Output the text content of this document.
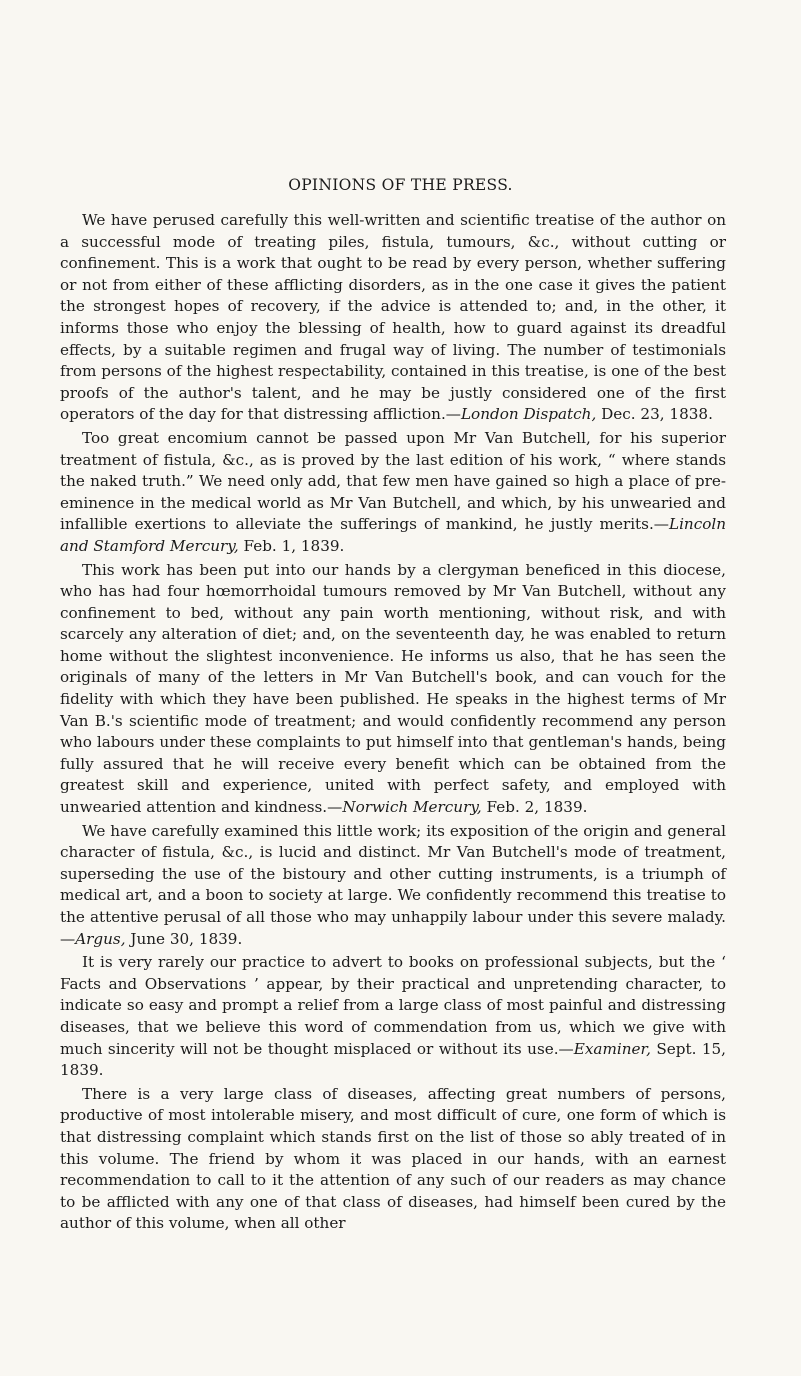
OPINIONS OF THE PRESS.

We have perused carefully this well-written and scientific treatise of the author on a successful mode of treating piles, fistula, tumours, &c., without cutting or confinement. This is a work that ought to be read by every person, whether suffering or not from either of these afflicting disorders, as in the one case it gives the patient the strongest hopes of recovery, if the advice is attended to; and, in the other, it informs those who enjoy the blessing of health, how to guard against its dreadful effects, by a suitable regimen and frugal way of living. The number of testimonials from persons of the highest respectability, contained in this treatise, is one of the best proofs of the author's talent, and he may be justly considered one of the first operators of the day for that distressing affliction.—London Dispatch, Dec. 23, 1838.

Too great encomium cannot be passed upon Mr Van Butchell, for his superior treatment of fistula, &c., as is proved by the last edition of his work, “ where stands the naked truth.” We need only add, that few men have gained so high a place of pre-eminence in the medical world as Mr Van Butchell, and which, by his unwearied and infallible exertions to alleviate the sufferings of mankind, he justly merits.—Lincoln and Stamford Mercury, Feb. 1, 1839.

This work has been put into our hands by a clergyman beneficed in this diocese, who has had four hœmorrhoidal tumours removed by Mr Van Butchell, without any confinement to bed, without any pain worth mentioning, without risk, and with scarcely any alteration of diet; and, on the seventeenth day, he was enabled to return home without the slightest inconvenience. He informs us also, that he has seen the originals of many of the letters in Mr Van Butchell's book, and can vouch for the fidelity with which they have been published. He speaks in the highest terms of Mr Van B.'s scientific mode of treatment; and would confidently recommend any person who labours under these complaints to put himself into that gentleman's hands, being fully assured that he will receive every benefit which can be obtained from the greatest skill and experience, united with perfect safety, and employed with unwearied attention and kindness.—Norwich Mercury, Feb. 2, 1839.

We have carefully examined this little work; its exposition of the origin and general character of fistula, &c., is lucid and distinct. Mr Van Butchell's mode of treatment, superseding the use of the bistoury and other cutting instruments, is a triumph of medical art, and a boon to society at large. We confidently recommend this treatise to the attentive perusal of all those who may unhappily labour under this severe malady.—Argus, June 30, 1839.

It is very rarely our practice to advert to books on professional subjects, but the ‘ Facts and Observations ’ appear, by their practical and unpretending character, to indicate so easy and prompt a relief from a large class of most painful and distressing diseases, that we believe this word of commendation from us, which we give with much sincerity will not be thought misplaced or without its use.—Examiner, Sept. 15, 1839.

There is a very large class of diseases, affecting great numbers of persons, productive of most intolerable misery, and most difficult of cure, one form of which is that distressing complaint which stands first on the list of those so ably treated of in this volume. The friend by whom it was placed in our hands, with an earnest recommendation to call to it the attention of any such of our readers as may chance to be afflicted with any one of that class of diseases, had himself been cured by the author of this volume, when all other
